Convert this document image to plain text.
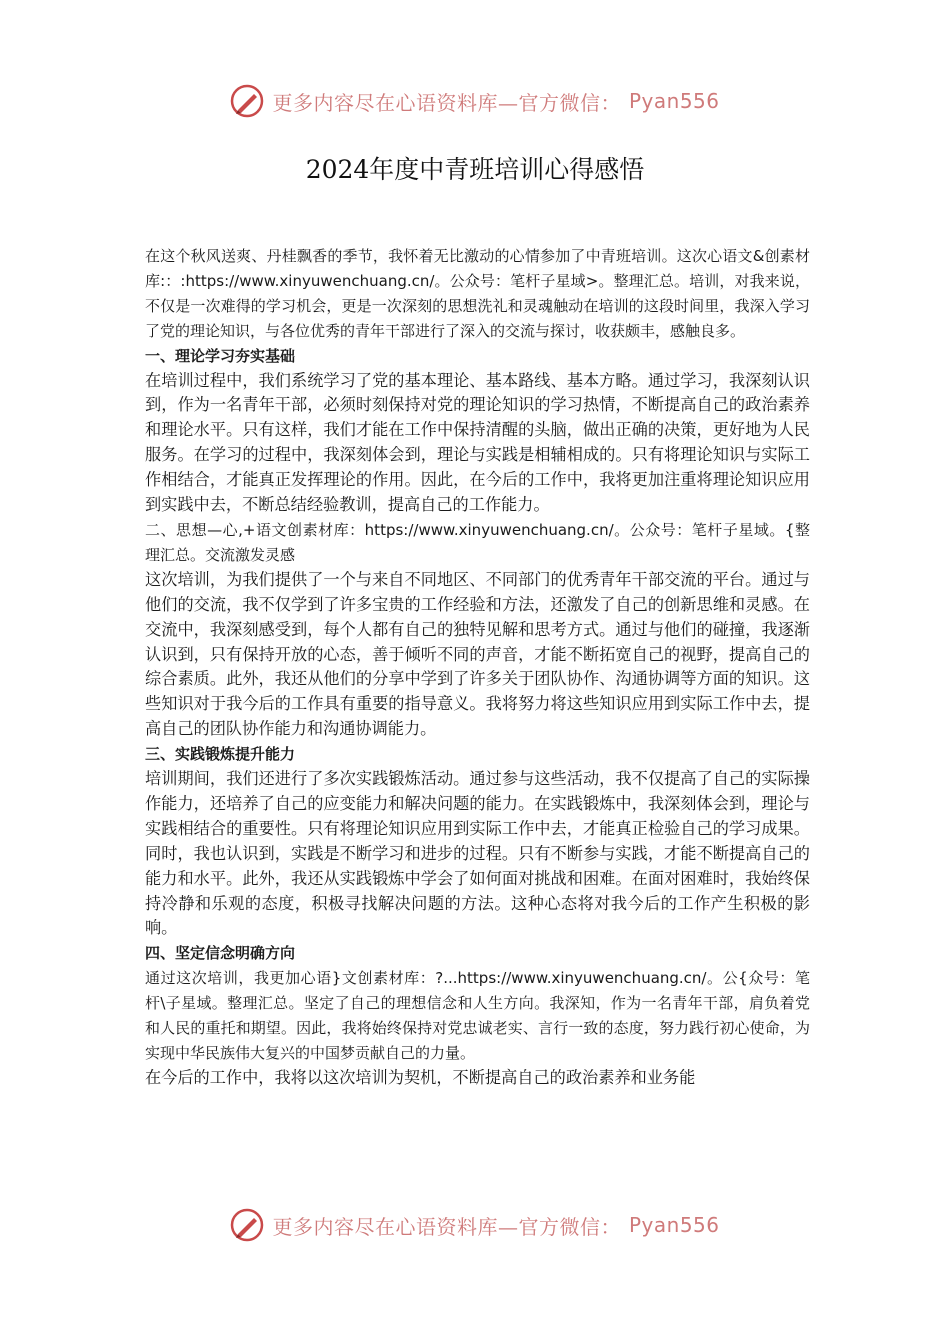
更多内容尽在心语资料库—官方微信： Pyan556
2024年度中青班培训心得感悟

在这个秋风送爽、丹桂飘香的季节，我怀着无比激动的心情参加了中青班培训。这次心语文&创素材库:：:https://www.xinyuwenchuang.cn/。公众号：笔杆子星域>。整理汇总。培训，对我来说，不仅是一次难得的学习机会，更是一次深刻的思想洗礼和灵魂触动在培训的这段时间里，我深入学习了党的理论知识，与各位优秀的青年干部进行了深入的交流与探讨，收获颇丰，感触良多。

一、理论学习夯实基础

在培训过程中，我们系统学习了党的基本理论、基本路线、基本方略。通过学习，我深刻认识到，作为一名青年干部，必须时刻保持对党的理论知识的学习热情，不断提高自己的政治素养和理论水平。只有这样，我们才能在工作中保持清醒的头脑，做出正确的决策，更好地为人民服务。在学习的过程中，我深刻体会到，理论与实践是相辅相成的。只有将理论知识与实际工作相结合，才能真正发挥理论的作用。因此，在今后的工作中，我将更加注重将理论知识应用到实践中去，不断总结经验教训，提高自己的工作能力。

二、思想—心,+语文创素材库：https://www.xinyuwenchuang.cn/。公众号：笔杆子星域。{整理汇总。交流激发灵感

这次培训，为我们提供了一个与来自不同地区、不同部门的优秀青年干部交流的平台。通过与他们的交流，我不仅学到了许多宝贵的工作经验和方法，还激发了自己的创新思维和灵感。在交流中，我深刻感受到，每个人都有自己的独特见解和思考方式。通过与他们的碰撞，我逐渐认识到，只有保持开放的心态，善于倾听不同的声音，才能不断拓宽自己的视野，提高自己的综合素质。此外，我还从他们的分享中学到了许多关于团队协作、沟通协调等方面的知识。这些知识对于我今后的工作具有重要的指导意义。我将努力将这些知识应用到实际工作中去，提高自己的团队协作能力和沟通协调能力。

三、实践锻炼提升能力

培训期间，我们还进行了多次实践锻炼活动。通过参与这些活动，我不仅提高了自己的实际操作能力，还培养了自己的应变能力和解决问题的能力。在实践锻炼中，我深刻体会到，理论与实践相结合的重要性。只有将理论知识应用到实际工作中去，才能真正检验自己的学习成果。同时，我也认识到，实践是不断学习和进步的过程。只有不断参与实践，才能不断提高自己的能力和水平。此外，我还从实践锻炼中学会了如何面对挑战和困难。在面对困难时，我始终保持冷静和乐观的态度，积极寻找解决问题的方法。这种心态将对我今后的工作产生积极的影响。

四、坚定信念明确方向

通过这次培训，我更加心语}文创素材库：?...https://www.xinyuwenchuang.cn/。公{众号：笔杆\子星域。整理汇总。坚定了自己的理想信念和人生方向。我深知，作为一名青年干部，肩负着党和人民的重托和期望。因此，我将始终保持对党忠诚老实、言行一致的态度，努力践行初心使命，为实现中华民族伟大复兴的中国梦贡献自己的力量。

在今后的工作中，我将以这次培训为契机，不断提高自己的政治素养和业务能

更多内容尽在心语资料库—官方微信： Pyan556
